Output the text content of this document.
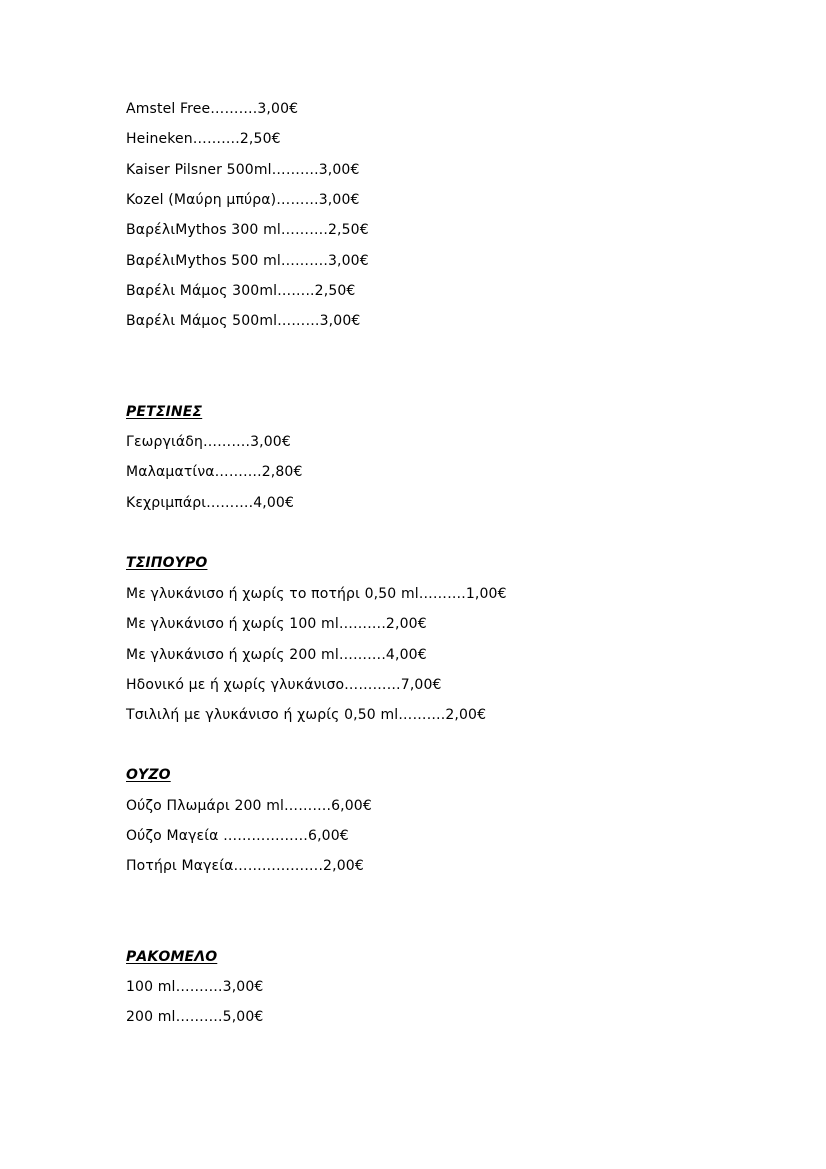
Amstel Free……….3,00€
Heineken……….2,50€
Kaiser Pilsner 500ml……….3,00€
Kozel (Μαύρη μπύρα)………3,00€
ΒαρέλιMythos 300 ml……….2,50€
ΒαρέλιMythos 500 ml……….3,00€
Βαρέλι Μάμος 300ml……..2,50€
Βαρέλι Μάμος 500ml………3,00€
ΡΕΤΣΙΝΕΣ
Γεωργιάδη……….3,00€
Μαλαματίνα……….2,80€
Κεχριμπάρι……….4,00€
ΤΣΙΠΟΥΡΟ
Με γλυκάνισο ή χωρίς το ποτήρι 0,50 ml……….1,00€
Με γλυκάνισο ή χωρίς 100 ml……….2,00€
Με γλυκάνισο ή χωρίς 200 ml……….4,00€
Ηδονικό με ή χωρίς γλυκάνισο…………7,00€
Τσιλιλή με γλυκάνισο ή χωρίς 0,50 ml……….2,00€
ΟΥΖΟ
Ούζο Πλωμάρι 200 ml……….6,00€
Ούζο Μαγεία ………………6,00€
Ποτήρι Μαγεία……………….2,00€
ΡΑΚΟΜΕΛΟ
100 ml……….3,00€
200 ml……….5,00€
